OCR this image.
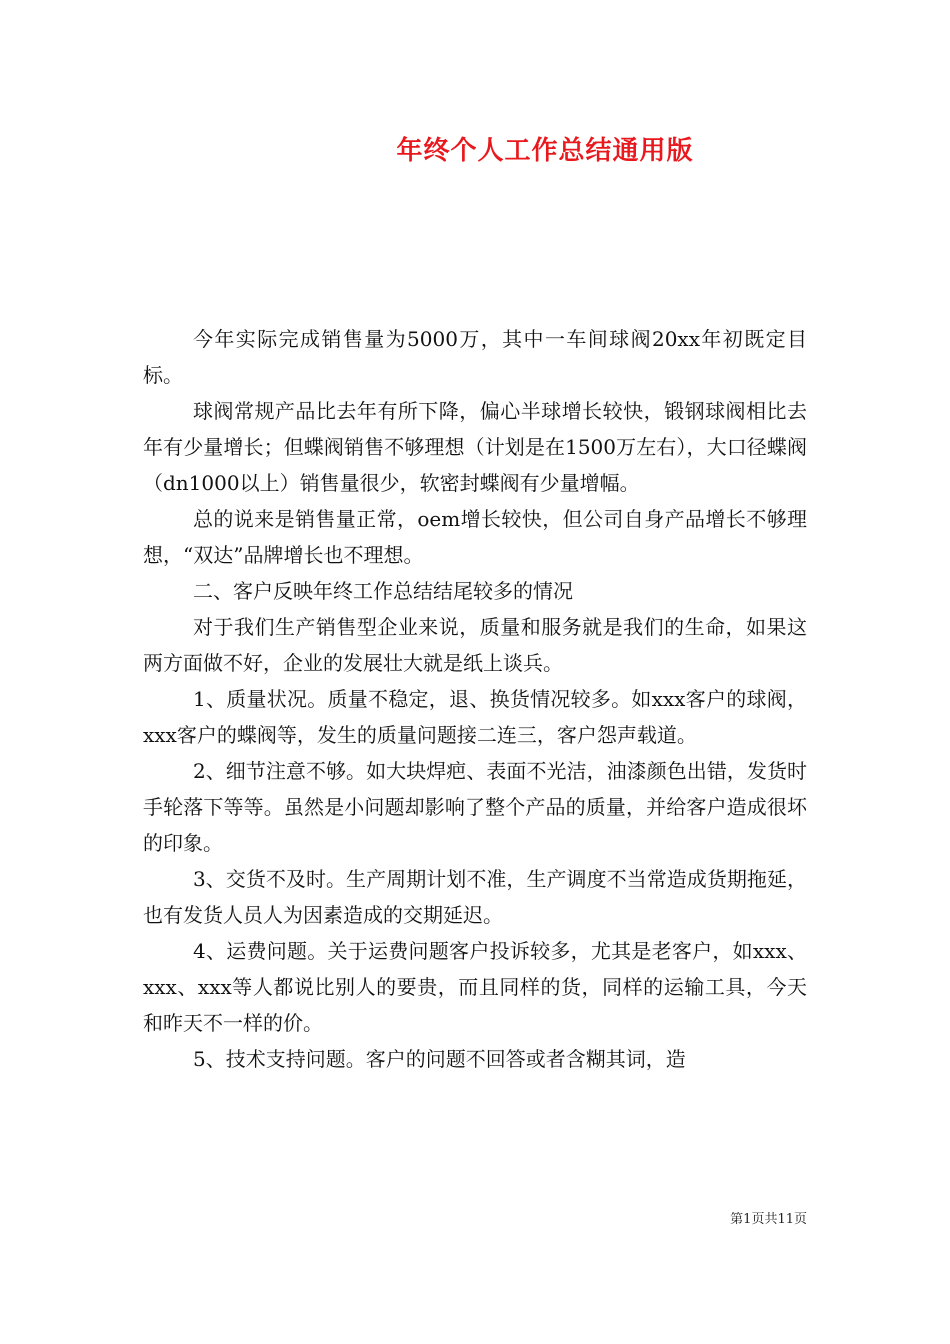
年终个人工作总结通用版

今年实际完成销售量为5000万，其中一车间球阀20xx年初既定目标。

球阀常规产品比去年有所下降，偏心半球增长较快，锻钢球阀相比去年有少量增长；但蝶阀销售不够理想（计划是在1500万左右），大口径蝶阀（dn1000以上）销售量很少，软密封蝶阀有少量增幅。

总的说来是销售量正常，oem增长较快，但公司自身产品增长不够理想，“双达”品牌增长也不理想。

二、客户反映年终工作总结结尾较多的情况

对于我们生产销售型企业来说，质量和服务就是我们的生命，如果这两方面做不好，企业的发展壮大就是纸上谈兵。

1、质量状况。质量不稳定，退、换货情况较多。如xxx客户的球阀，xxx客户的蝶阀等，发生的质量问题接二连三，客户怨声载道。

2、细节注意不够。如大块焊疤、表面不光洁，油漆颜色出错，发货时手轮落下等等。虽然是小问题却影响了整个产品的质量，并给客户造成很坏的印象。

3、交货不及时。生产周期计划不准，生产调度不当常造成货期拖延，也有发货人员人为因素造成的交期延迟。

4、运费问题。关于运费问题客户投诉较多，尤其是老客户，如xxx、xxx、xxx等人都说比别人的要贵，而且同样的货，同样的运输工具，今天和昨天不一样的价。

5、技术支持问题。客户的问题不回答或者含糊其词，造

第1页共11页
